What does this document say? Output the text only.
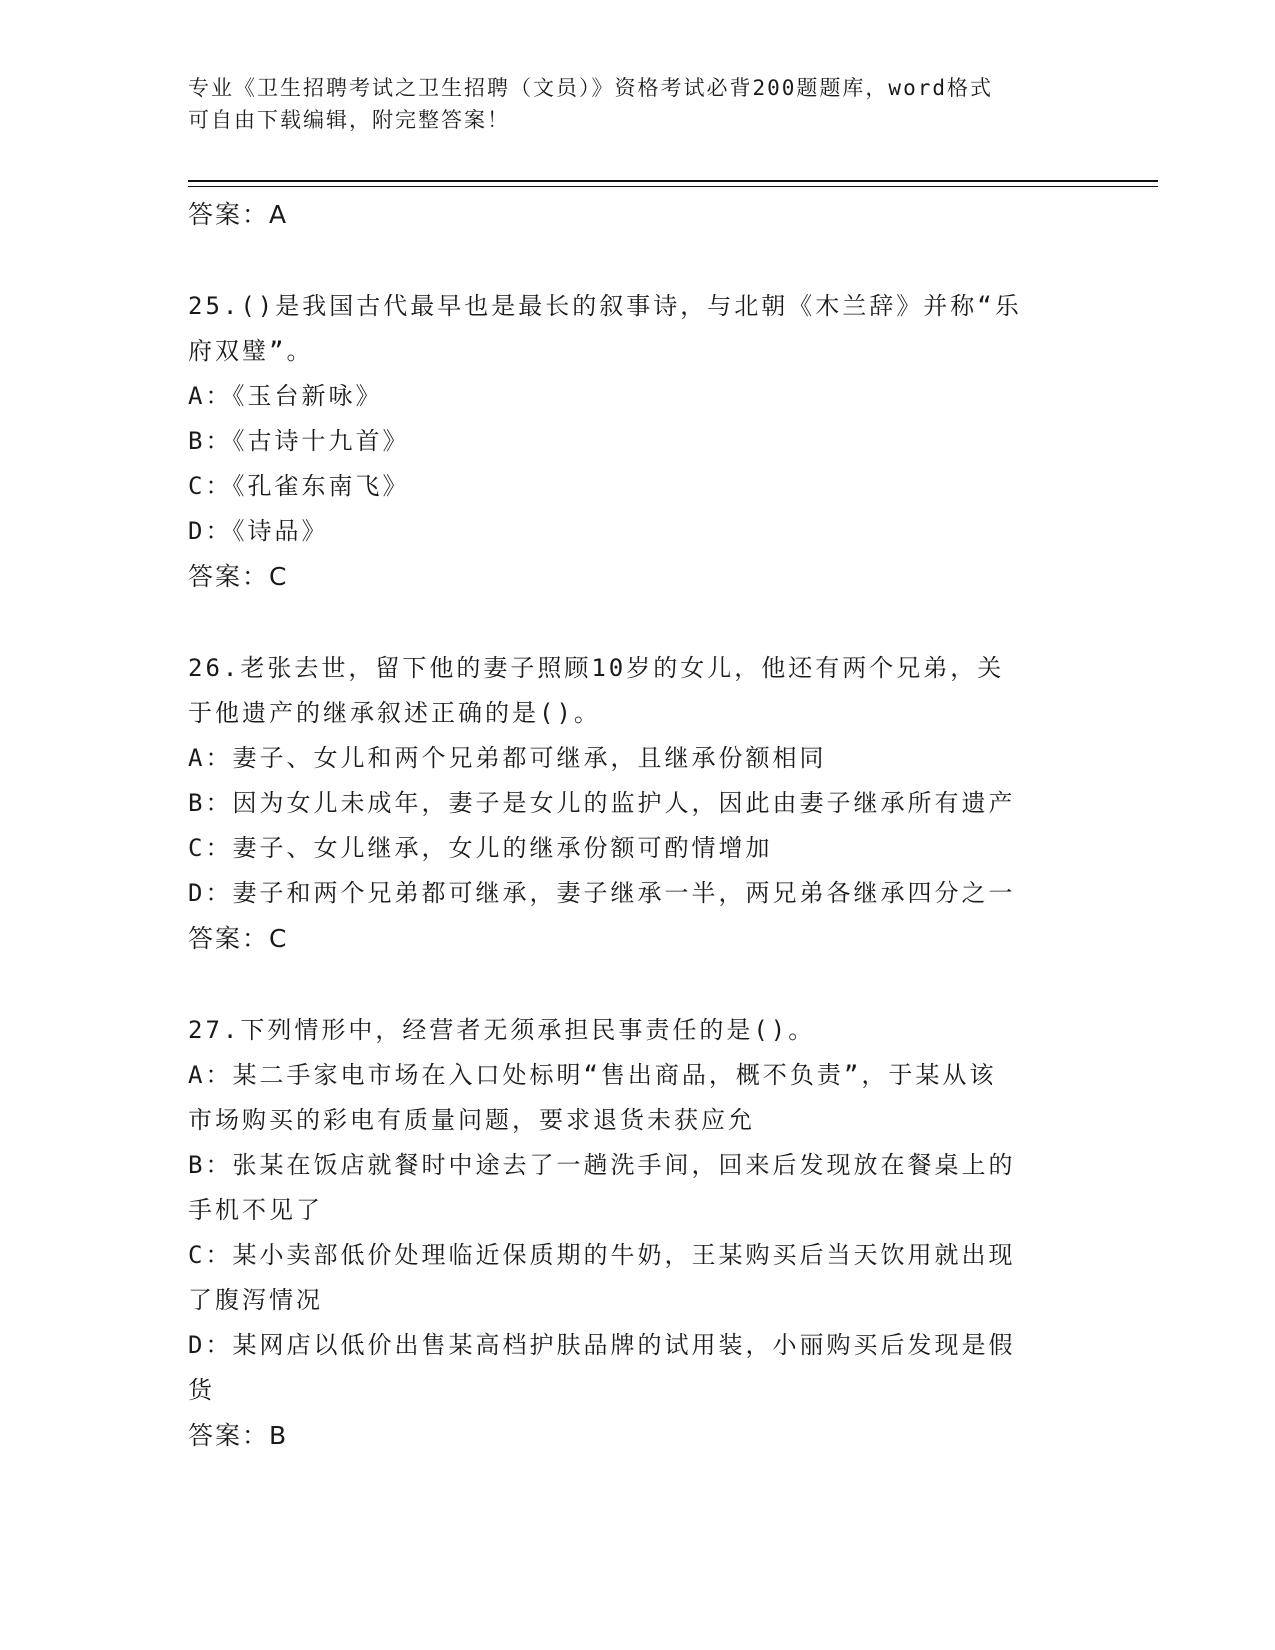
专业《卫生招聘考试之卫生招聘（文员）》资格考试必背200题题库，word格式
可自由下载编辑，附完整答案！
答案：A
25.()是我国古代最早也是最长的叙事诗，与北朝《木兰辞》并称“乐
府双璧”。
A：《玉台新咏》
B：《古诗十九首》
C：《孔雀东南飞》
D：《诗品》
答案：C
26.老张去世，留下他的妻子照顾10岁的女儿，他还有两个兄弟，关
于他遗产的继承叙述正确的是()。
A：妻子、女儿和两个兄弟都可继承，且继承份额相同
B：因为女儿未成年，妻子是女儿的监护人，因此由妻子继承所有遗产
C：妻子、女儿继承，女儿的继承份额可酌情增加
D：妻子和两个兄弟都可继承，妻子继承一半，两兄弟各继承四分之一
答案：C
27.下列情形中，经营者无须承担民事责任的是()。
A：某二手家电市场在入口处标明“售出商品，概不负责”，于某从该
市场购买的彩电有质量问题，要求退货未获应允
B：张某在饭店就餐时中途去了一趟洗手间，回来后发现放在餐桌上的
手机不见了
C：某小卖部低价处理临近保质期的牛奶，王某购买后当天饮用就出现
了腹泻情况
D：某网店以低价出售某高档护肤品牌的试用装，小丽购买后发现是假
货
答案：B
